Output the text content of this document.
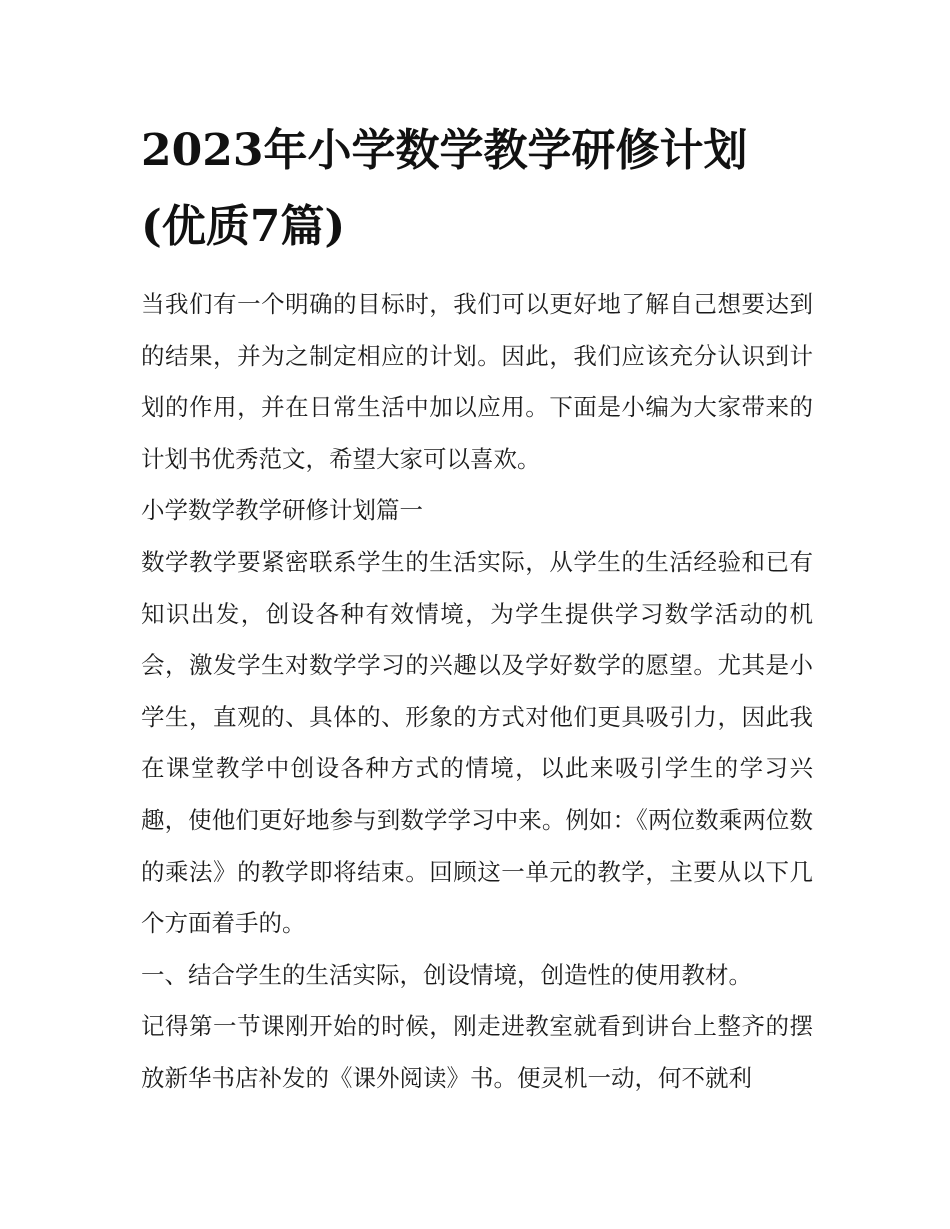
2023年小学数学教学研修计划
(优质7篇)

当我们有一个明确的目标时，我们可以更好地了解自己想要达到的结果，并为之制定相应的计划。因此，我们应该充分认识到计划的作用，并在日常生活中加以应用。下面是小编为大家带来的计划书优秀范文，希望大家可以喜欢。

小学数学教学研修计划篇一

数学教学要紧密联系学生的生活实际，从学生的生活经验和已有知识出发，创设各种有效情境，为学生提供学习数学活动的机会，激发学生对数学学习的兴趣以及学好数学的愿望。尤其是小学生，直观的、具体的、形象的方式对他们更具吸引力，因此我在课堂教学中创设各种方式的情境，以此来吸引学生的学习兴趣，使他们更好地参与到数学学习中来。例如：《两位数乘两位数的乘法》的教学即将结束。回顾这一单元的教学，主要从以下几个方面着手的。

一、结合学生的生活实际，创设情境，创造性的使用教材。

记得第一节课刚开始的时候，刚走进教室就看到讲台上整齐的摆放新华书店补发的《课外阅读》书。便灵机一动，何不就利
